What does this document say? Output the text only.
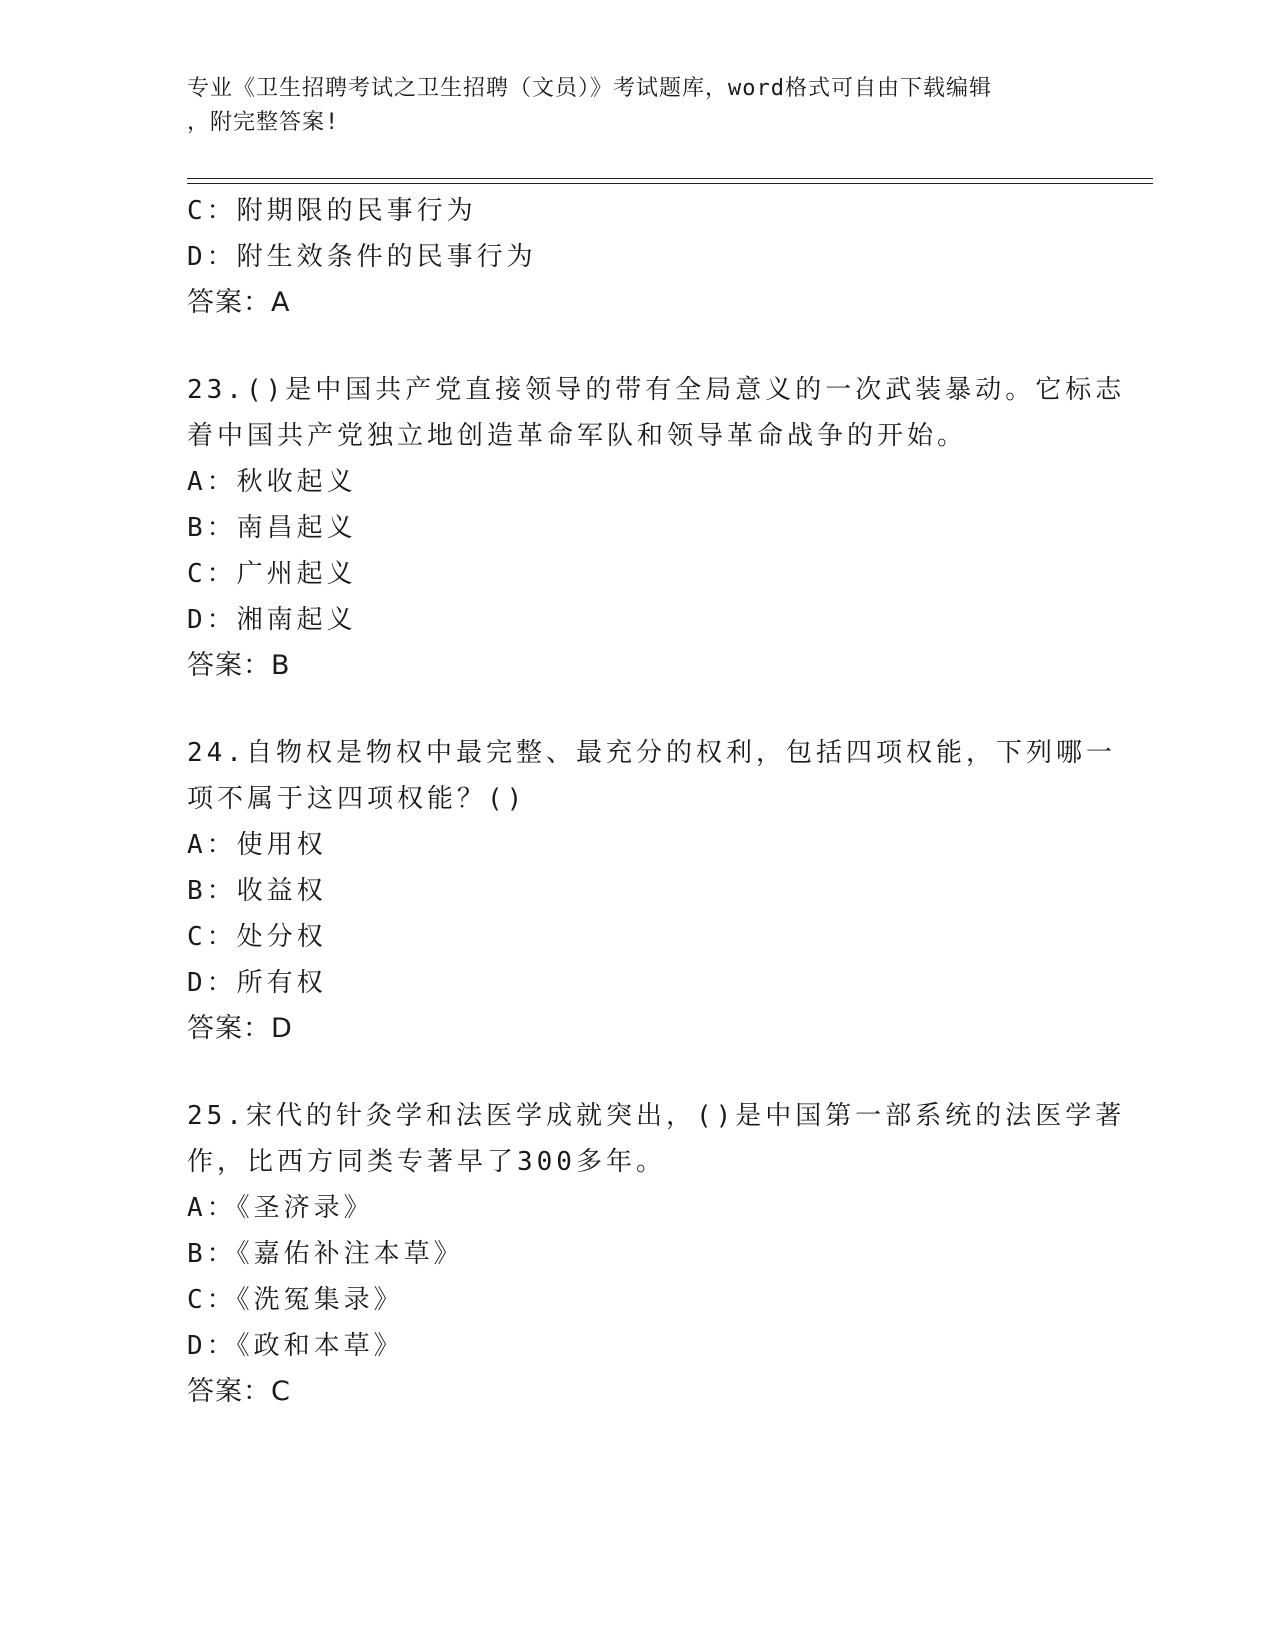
专业《卫生招聘考试之卫生招聘（文员）》考试题库，word格式可自由下载编辑
，附完整答案!
C：附期限的民事行为
D：附生效条件的民事行为
答案：A
23.()是中国共产党直接领导的带有全局意义的一次武装暴动。它标志
着中国共产党独立地创造革命军队和领导革命战争的开始。
A：秋收起义
B：南昌起义
C：广州起义
D：湘南起义
答案：B
24.自物权是物权中最完整、最充分的权利，包括四项权能，下列哪一
项不属于这四项权能？()
A：使用权
B：收益权
C：处分权
D：所有权
答案：D
25.宋代的针灸学和法医学成就突出，()是中国第一部系统的法医学著
作，比西方同类专著早了300多年。
A：《圣济录》
B：《嘉佑补注本草》
C：《洗冤集录》
D：《政和本草》
答案：C
